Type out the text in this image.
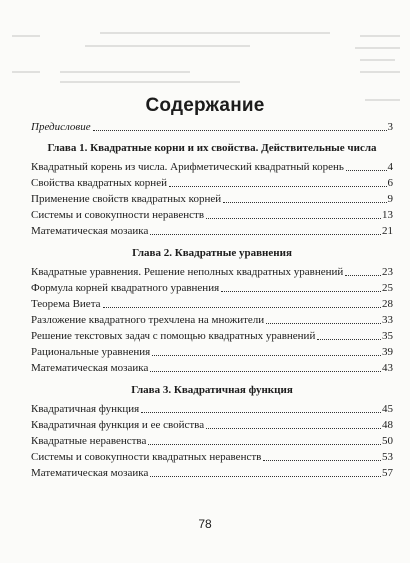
Содержание
Предисловие	3
Глава 1. Квадратные корни и их свойства. Действительные числа
Квадратный корень из числа. Арифметический квадратный корень	4
Свойства квадратных корней	6
Применение свойств квадратных корней	9
Системы и совокупности неравенств	13
Математическая мозаика	21
Глава 2. Квадратные уравнения
Квадратные уравнения. Решение неполных квадратных уравнений	23
Формула корней квадратного уравнения	25
Теорема Виета	28
Разложение квадратного трехчлена на множители	33
Решение текстовых задач с помощью квадратных уравнений	35
Рациональные уравнения	39
Математическая мозаика	43
Глава 3. Квадратичная функция
Квадратичная функция	45
Квадратичная функция и ее свойства	48
Квадратные неравенства	50
Системы и совокупности квадратных неравенств	53
Математическая мозаика	57
78
